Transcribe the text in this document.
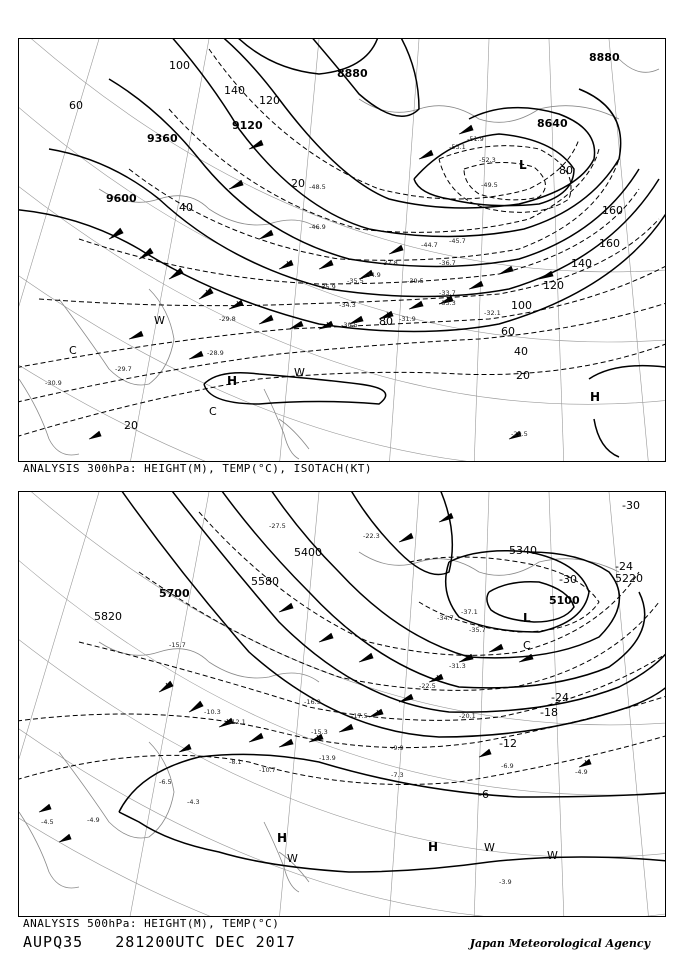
9600
9360
9120
8880
8640
8880
20
40
60
80
100
120
140
160
20
40
60
80
100
120
140
160
20
H
H
L
C
C
W
W
-39.5
-33.3
-34.9
-35.9
-36.7
-31.9
-30.5
-32.1
-29.8
-51.9
-52.3
-53.1
-49.5
-45.7
-44.7
-37.8
-35.5
-30.9
-29.5
-29.7
-28.9
-33.7
-34.3
-48.5
-46.9
ANALYSIS 300hPa: HEIGHT(M), TEMP(°C), ISOTACH(KT)
5820
5700
5580
5400	5340
5220
5100
-30
-30
-24
-18
-12
-6
-24
L
H
H
W
W
W
C
-37.1
-35.7
-34.7
-31.3
-22.5
-20.1
-17.5
-16.9
-15.3
-12.1
-10.3
-9.9
-7.3
-6.9
-4.9
-4.5
-4.3
-3.9
-4.9
-6.5
-8.1
-10.7
-13.9
-15.7
-22.3
-27.5
ANALYSIS 500hPa: HEIGHT(M), TEMP(°C)
AUPQ35 281200UTC DEC 2017	Japan Meteorological Agency
